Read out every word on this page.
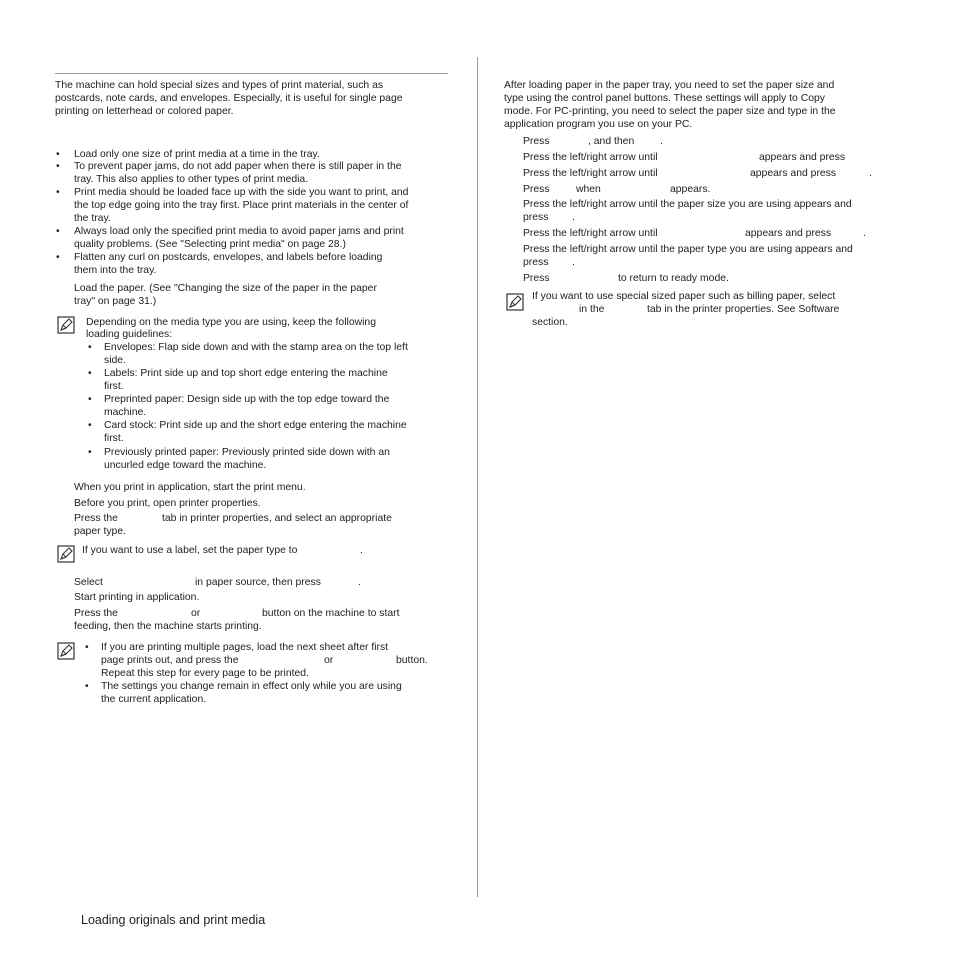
The machine can hold special sizes and types of print material, such as
postcards, note cards, and envelopes. Especially, it is useful for single page
printing on letterhead or colored paper.
• Load only one size of print media at a time in the tray.
• To prevent paper jams, do not add paper when there is still paper in the
tray. This also applies to other types of print media.
• Print media should be loaded face up with the side you want to print, and
the top edge going into the tray first. Place print materials in the center of
the tray.
• Always load only the specified print media to avoid paper jams and print
quality problems. (See "Selecting print media" on page 28.)
• Flatten any curl on postcards, envelopes, and labels before loading
them into the tray.
Load the paper. (See "Changing the size of the paper in the paper
tray" on page 31.)
Depending on the media type you are using, keep the following
loading guidelines:
• Envelopes: Flap side down and with the stamp area on the top left
side.
• Labels: Print side up and top short edge entering the machine
first.
• Preprinted paper: Design side up with the top edge toward the
machine.
• Card stock: Print side up and the short edge entering the machine
first.
• Previously printed paper: Previously printed side down with an
uncurled edge toward the machine.
When you print in application, start the print menu.
Before you print, open printer properties.
Press the	tab in printer properties, and select an appropriate
paper type.
If you want to use a label, set the paper type to	.
Select	in paper source, then press	.
Start printing in application.
Press the	or	button on the machine to start
feeding, then the machine starts printing.
• If you are printing multiple pages, load the next sheet after first
page prints out, and press the	or	button.
Repeat this step for every page to be printed.
• The settings you change remain in effect only while you are using
the current application.
After loading paper in the paper tray, you need to set the paper size and
type using the control panel buttons. These settings will apply to Copy
mode. For PC-printing, you need to select the paper size and type in the
application program you use on your PC.
Press	, and then .
Press the left/right arrow until	appears and press
Press the left/right arrow until	appears and press	.
Press	when	appears.
Press the left/right arrow until the paper size you are using appears and
press .
Press the left/right arrow until	appears and press	.
Press the left/right arrow until the paper type you are using appears and
press .
Press	to return to ready mode.
If you want to use special sized paper such as billing paper, select
in the	tab in the printer properties. See Software
section.
Loading originals and print media
